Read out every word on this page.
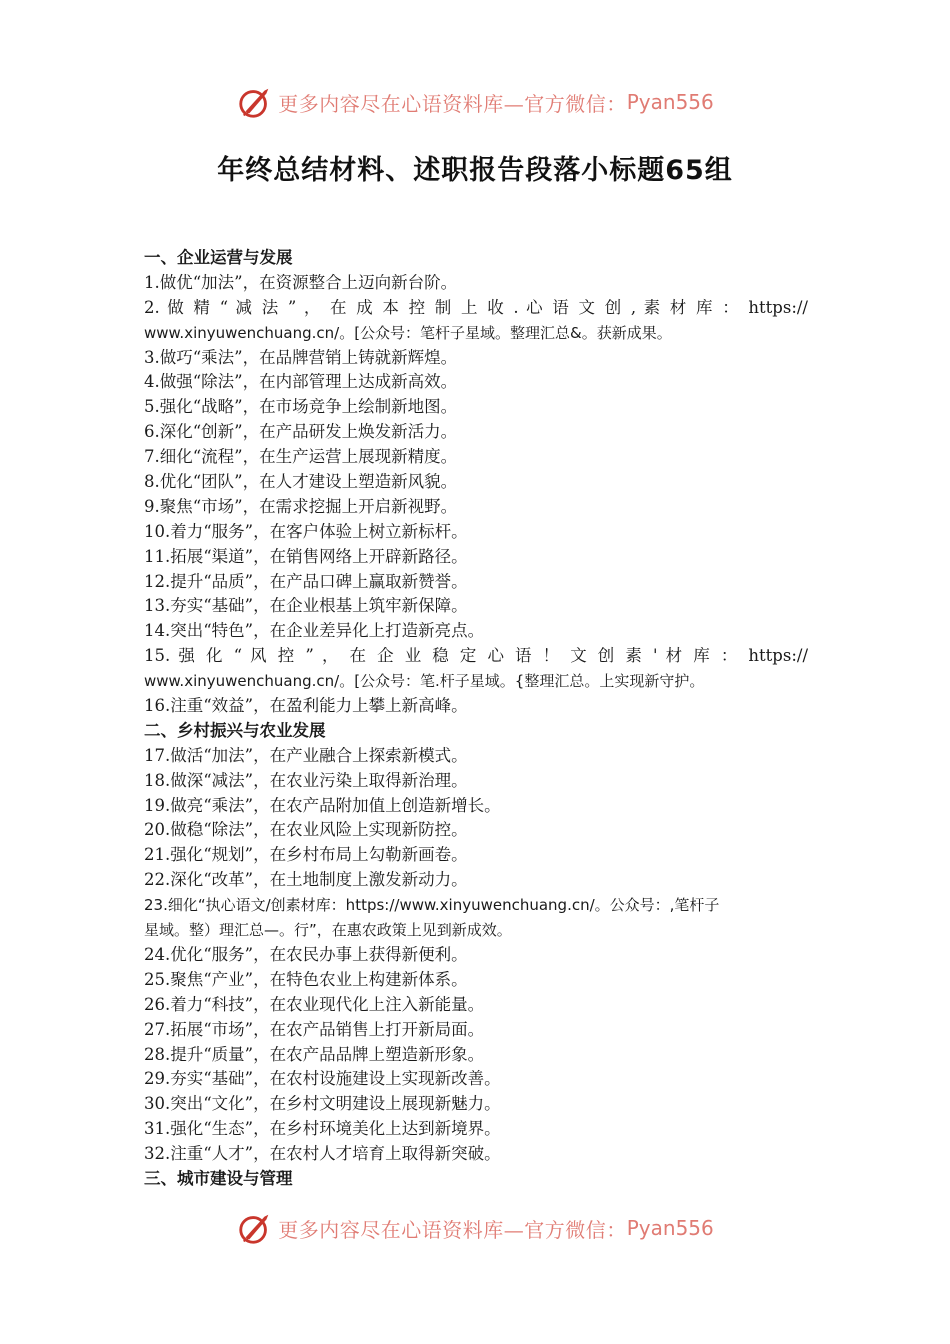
更多内容尽在心语资料库—官方微信： Pyan556
年终总结材料、述职报告段落小标题65组
一、企业运营与发展
1.做优“加法”，在资源整合上迈向新台阶。
2. 做 精 “ 减 法 ” ， 在 成 本 控 制 上 收 . 心 语 文 创 , 素 材 库 ： https://
www.xinyuwenchuang.cn/。[公众号：笔杆子星域。整理汇总&。获新成果。
3.做巧“乘法”，在品牌营销上铸就新辉煌。
4.做强“除法”，在内部管理上达成新高效。
5.强化“战略”，在市场竞争上绘制新地图。
6.深化“创新”，在产品研发上焕发新活力。
7.细化“流程”，在生产运营上展现新精度。
8.优化“团队”，在人才建设上塑造新风貌。
9.聚焦“市场”，在需求挖掘上开启新视野。
10.着力“服务”，在客户体验上树立新标杆。
11.拓展“渠道”，在销售网络上开辟新路径。
12.提升“品质”，在产品口碑上赢取新赞誉。
13.夯实“基础”，在企业根基上筑牢新保障。
14.突出“特色”，在企业差异化上打造新亮点。
15. 强 化 “ 风 控 ” ， 在 企 业 稳 定 心 语 ！ 文 创 素 ' 材 库 ： https://
www.xinyuwenchuang.cn/。[公众号：笔.杆子星域。{整理汇总。上实现新守护。
16.注重“效益”，在盈利能力上攀上新高峰。
二、乡村振兴与农业发展
17.做活“加法”，在产业融合上探索新模式。
18.做深“减法”，在农业污染上取得新治理。
19.做亮“乘法”，在农产品附加值上创造新增长。
20.做稳“除法”，在农业风险上实现新防控。
21.强化“规划”，在乡村布局上勾勒新画卷。
22.深化“改革”，在土地制度上激发新动力。
23.细化“执心语文/创素材库：https://www.xinyuwenchuang.cn/。公众号：,笔杆子
星域。整）理汇总—。行”，在惠农政策上见到新成效。
24.优化“服务”，在农民办事上获得新便利。
25.聚焦“产业”，在特色农业上构建新体系。
26.着力“科技”，在农业现代化上注入新能量。
27.拓展“市场”，在农产品销售上打开新局面。
28.提升“质量”，在农产品品牌上塑造新形象。
29.夯实“基础”，在农村设施建设上实现新改善。
30.突出“文化”，在乡村文明建设上展现新魅力。
31.强化“生态”，在乡村环境美化上达到新境界。
32.注重“人才”，在农村人才培育上取得新突破。
三、城市建设与管理
更多内容尽在心语资料库—官方微信： Pyan556
